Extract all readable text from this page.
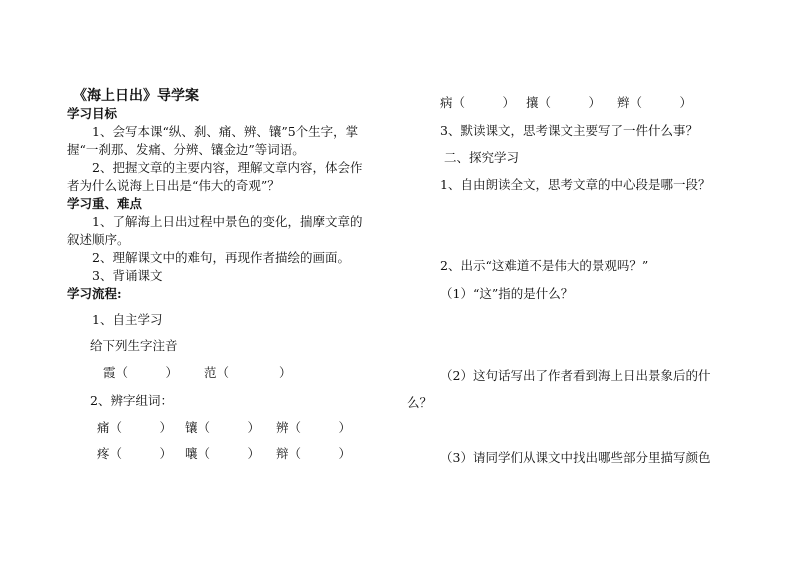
《海上日出》导学案
学习目标
1、会写本课“纵、刹、痛、辨、镶”5个生字，掌
握“一刹那、发痛、分辨、镶金边”等词语。
2、把握文章的主要内容，理解文章内容，体会作
者为什么说海上日出是“伟大的奇观”？
学习重、难点
1、了解海上日出过程中景色的变化，揣摩文章的
叙述顺序。
2、理解课文中的难句，再现作者描绘的画面。
3、背诵课文
学习流程:
1、自主学习
给下列生字注音
霞（　　　） 范（　　　　）
2、辨字组词：
痛（　　　） 镶（　　　） 辨（　　　）
疼（　　　） 嚷（　　　） 辩（　　　）
病（　　　） 攘（　　　） 辫（　　　）
3、默读课文，思考课文主要写了一件什么事？
二、探究学习
1、自由朗读全文，思考文章的中心段是哪一段？
2、出示“这难道不是伟大的景观吗？”
（1）“这”指的是什么？
（2）这句话写出了作者看到海上日出景象后的什
么？
（3）请同学们从课文中找出哪些部分里描写颜色
